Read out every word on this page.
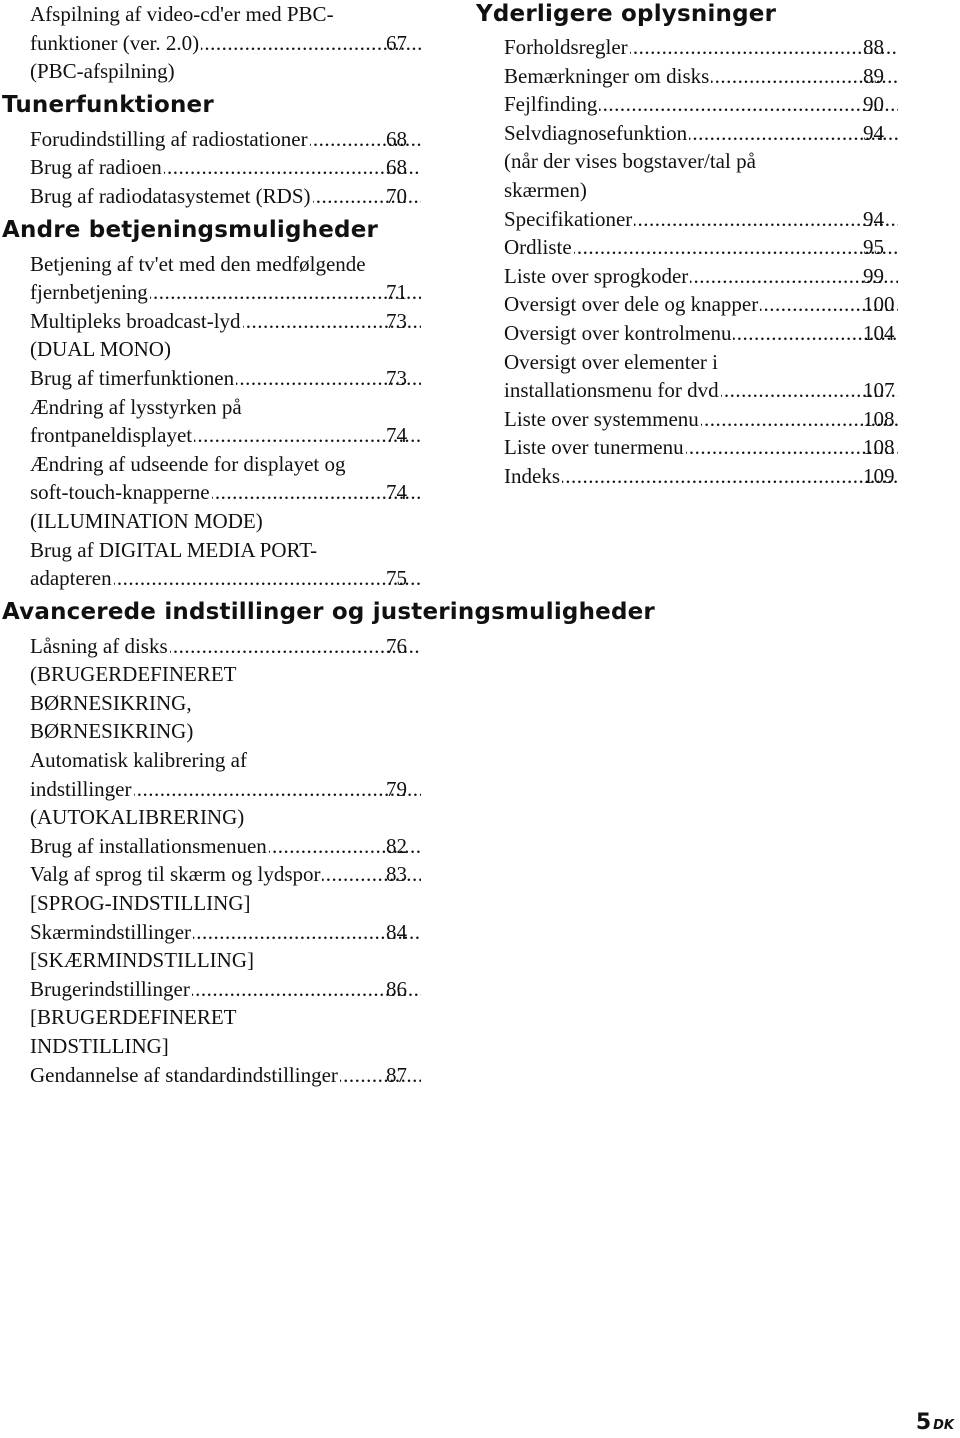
Afspilning af video-cd'er med PBC-
funktioner (ver. 2.0) .....	67
(PBC-afspilning)
Tunerfunktioner
Forudindstilling af radiostationer .....	68
Brug af radioen .....	68
Brug af radiodatasystemet (RDS) .....	70
Andre betjeningsmuligheder
Betjening af tv'et med den medfølgende
fjernbetjening .....	71
Multipleks broadcast-lyd .....	73
(DUAL MONO)
Brug af timerfunktionen .....	73
Ændring af lysstyrken på
frontpaneldisplayet .....	74
Ændring af udseende for displayet og
soft-touch-knapperne .....	74
(ILLUMINATION MODE)
Brug af DIGITAL MEDIA PORT-
adapteren .....	75
Avancerede indstillinger og justeringsmuligheder
Låsning af disks .....	76
(BRUGERDEFINERET
BØRNESIKRING,
BØRNESIKRING)
Automatisk kalibrering af
indstillinger .....	79
(AUTOKALIBRERING)
Brug af installationsmenuen .....	82
Valg af sprog til skærm og lydspor .....	83
[SPROG-INDSTILLING]
Skærmindstillinger .....	84
[SKÆRMINDSTILLING]
Brugerindstillinger .....	86
[BRUGERDEFINERET
INDSTILLING]
Gendannelse af standardindstillinger ..... 87
Yderligere oplysninger
Forholdsregler .....	88
Bemærkninger om disks .....	89
Fejlfinding .....	90
Selvdiagnosefunktion .....	94
(når der vises bogstaver/tal på
skærmen)
Specifikationer .....	94
Ordliste .....	95
Liste over sprogkoder .....	99
Oversigt over dele og knapper .....	100
Oversigt over kontrolmenu .....	104
Oversigt over elementer i
installationsmenu for dvd .....	107
Liste over systemmenu .....	108
Liste over tunermenu .....	108
Indeks .....	109
5 DK
